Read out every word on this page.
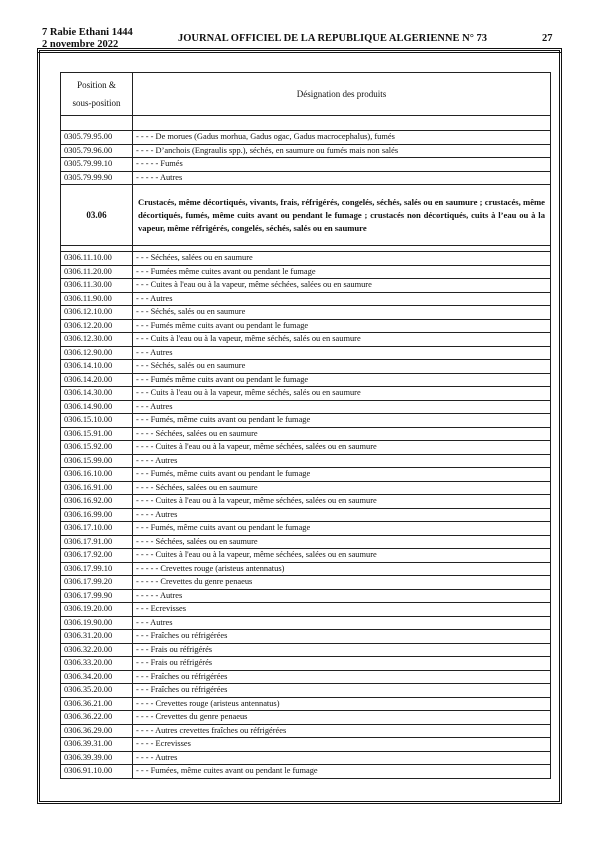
7 Rabie Ethani 1444
2 novembre 2022
JOURNAL OFFICIEL DE LA REPUBLIQUE ALGERIENNE N° 73	27
Position &
sous-position	Désignation des produits

0305.79.95.00	- - - - De morues (Gadus morhua, Gadus ogac, Gadus macrocephalus), fumés
0305.79.96.00	- - - - D’anchois (Engraulis spp.), séchés, en saumure ou fumés mais non salés
0305.79.99.10	- - - - - Fumés
0305.79.99.90	- - - - - Autres
03.06	Crustacés, même décortiqués, vivants, frais, réfrigérés, congelés, séchés, salés ou en saumure ; crustacés, même décortiqués, fumés, même cuits avant ou pendant le fumage ; crustacés non décortiqués, cuits à l’eau ou à la vapeur, même réfrigérés, congelés, séchés, salés ou en saumure

0306.11.10.00	- - - Séchées, salées ou en saumure
0306.11.20.00	- - - Fumées même cuites avant ou pendant le fumage
0306.11.30.00	- - - Cuites à l'eau ou à la vapeur, même séchées, salées ou en saumure
0306.11.90.00	- - - Autres
0306.12.10.00	- - - Séchés, salés ou en saumure
0306.12.20.00	- - - Fumés même cuits avant ou pendant le fumage
0306.12.30.00	- - - Cuits à l'eau ou à la vapeur, même séchés, salés ou en saumure
0306.12.90.00	- - - Autres
0306.14.10.00	- - - Séchés, salés ou en saumure
0306.14.20.00	- - - Fumés même cuits avant ou pendant le fumage
0306.14.30.00	- - - Cuits à l'eau ou à la vapeur, même séchés, salés ou en saumure
0306.14.90.00	- - - Autres
0306.15.10.00	- - - Fumés, même cuits avant ou pendant le fumage
0306.15.91.00	- - - - Séchées, salées ou en saumure
0306.15.92.00	- - - - Cuites à l'eau ou à la vapeur, même séchées, salées ou en saumure
0306.15.99.00	- - - - Autres
0306.16.10.00	- - - Fumés, même cuits avant ou pendant le fumage
0306.16.91.00	- - - - Séchées, salées ou en saumure
0306.16.92.00	- - - - Cuites à l'eau ou à la vapeur, même séchées, salées ou en saumure
0306.16.99.00	- - - - Autres
0306.17.10.00	- - - Fumés, même cuits avant ou pendant le fumage
0306.17.91.00	- - - - Séchées, salées ou en saumure
0306.17.92.00	- - - - Cuites à l'eau ou à la vapeur, même séchées, salées ou en saumure
0306.17.99.10	- - - - - Crevettes rouge (aristeus antennatus)
0306.17.99.20	- - - - - Crevettes du genre penaeus
0306.17.99.90	- - - - - Autres
0306.19.20.00	- - - Ecrevisses
0306.19.90.00	- - - Autres
0306.31.20.00	- - - Fraîches ou réfrigérées
0306.32.20.00	- - - Frais ou réfrigérés
0306.33.20.00	- - - Frais ou réfrigérés
0306.34.20.00	- - - Fraîches ou réfrigérées
0306.35.20.00	- - - Fraîches ou réfrigérées
0306.36.21.00	- - - - Crevettes rouge (aristeus antennatus)
0306.36.22.00	- - - - Crevettes du genre penaeus
0306.36.29.00	- - - - Autres crevettes fraîches ou réfrigérées
0306.39.31.00	- - - - Ecrevisses
0306.39.39.00	- - - - Autres
0306.91.10.00	- - - Fumées, même cuites avant ou pendant le fumage
